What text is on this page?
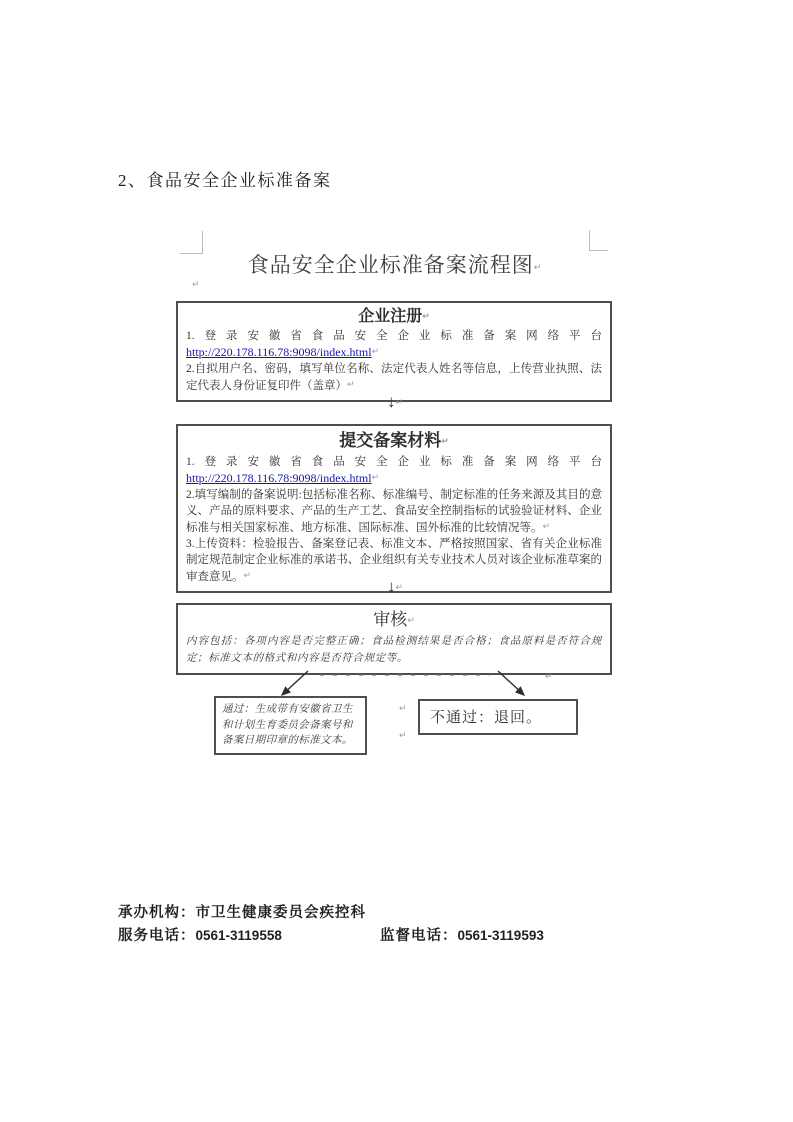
2、食品安全企业标准备案
食品安全企业标准备案流程图↵
↵
企业注册↵

1.登录安徽省食品安全企业标准备案网络平台 http://220.178.116.78:9098/index.html↵

2.自拟用户名、密码，填写单位名称、法定代表人姓名等信息，上传营业执照、法定代表人身份证复印件（盖章）↵

↓↵
提交备案材料↵

1.登录安徽省食品安全企业标准备案网络平台 http://220.178.116.78:9098/index.html↵

2.填写编制的备案说明:包括标准名称、标准编号、制定标准的任务来源及其目的意义、产品的原料要求、产品的生产工艺、食品安全控制指标的试验验证材料、企业标准与相关国家标准、地方标准、国际标准、国外标准的比较情况等。↵

3.上传资料：检验报告、备案登记表、标准文本、严格按照国家、省有关企业标准制定规范制定企业标准的承诺书、企业组织有关专业技术人员对该企业标准草案的审查意见。↵

↓↵
审核↵
内容包括：各项内容是否完整正确；食品检测结果是否合格；食品原料是否符合规定；标准文本的格式和内容是否符合规定等。
↵
通过：生成带有安徽省卫生和计划生育委员会备案号和备案日期印章的标准文本。
↵
↵
不通过：退回。
承办机构：市卫生健康委员会疾控科
服务电话：0561-3119558	监督电话：0561-3119593
